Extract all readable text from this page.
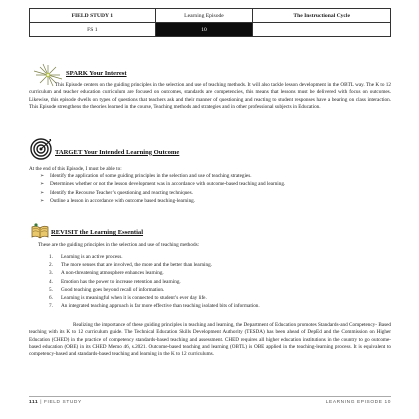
FIELD STUDY 1	Learning Episode	The Instructional Cycle
FS 1	10	
SPARK Your Interest

This Episode centers on the guiding principles in the selection and use of teaching methods. It will also tackle lesson development in the OBTL way. The K to 12 curriculum and teacher education curriculum are focused on outcomes, standards are competencies, this means that lessons must be delivered with focus on outcomes. Likewise, this episode dwells on types of questions that teachers ask and their manner of questioning and reacting to student responses have a bearing on class interaction. This Episode strengthens the theories learned in the course, Teaching methods and strategies and in other professional subjects in Education.

TARGET Your Intended Learning Outcome
At the end of this Episode, I must be able to:
➢	Identify the application of some guiding principles in the selection and use of teaching strategies.
➢	Determines whether or not the lesson development was in accordance with outcome-based teaching and learning.
➢	Identify the Recourse Teacher’s questioning and reacting techniques.
➢	Outline a lesson in accordance with outcome based teaching-learning.
REVISIT the Learning Essential
These are the guiding principles in the selection and use of teaching methods:
1.	Learning is an active process.
2.	The more senses that are involved, the more and the better than learning.
3.	A non-threatening atmosphere enhances learning.
4.	Emotion has the power to increase retention and learning.
5.	Good teaching goes beyond recall of information.
6.	Learning is meaningful when it is connected to student’s ever day life.
7.	An integrated teaching approach is far more effective than teaching isolated bits of information.

Realizing the importance of these guiding principles in teaching and learning, the Department of Education promotes Standards-and Competency- Based teaching with its K to 12 curriculum guide. The Technical Education Skills Development Authority (TESDA) has been ahead of DepEd and the Commission on Higher Education (CHED) in the practice of competency standards-based teaching and assessment. CHED requires all higher education institutions in the country to go outcome-based education (OBE) in its CHED Memo 46, s.2021. Outcome-based teaching and learning (OBTL) is OBE applied in the teaching-learning process. It is equivalent to competency-based and standards-based teaching and learning in the K to 12 curriculums.

111 | FIELD STUDY	LEARNING EPISODE 10
